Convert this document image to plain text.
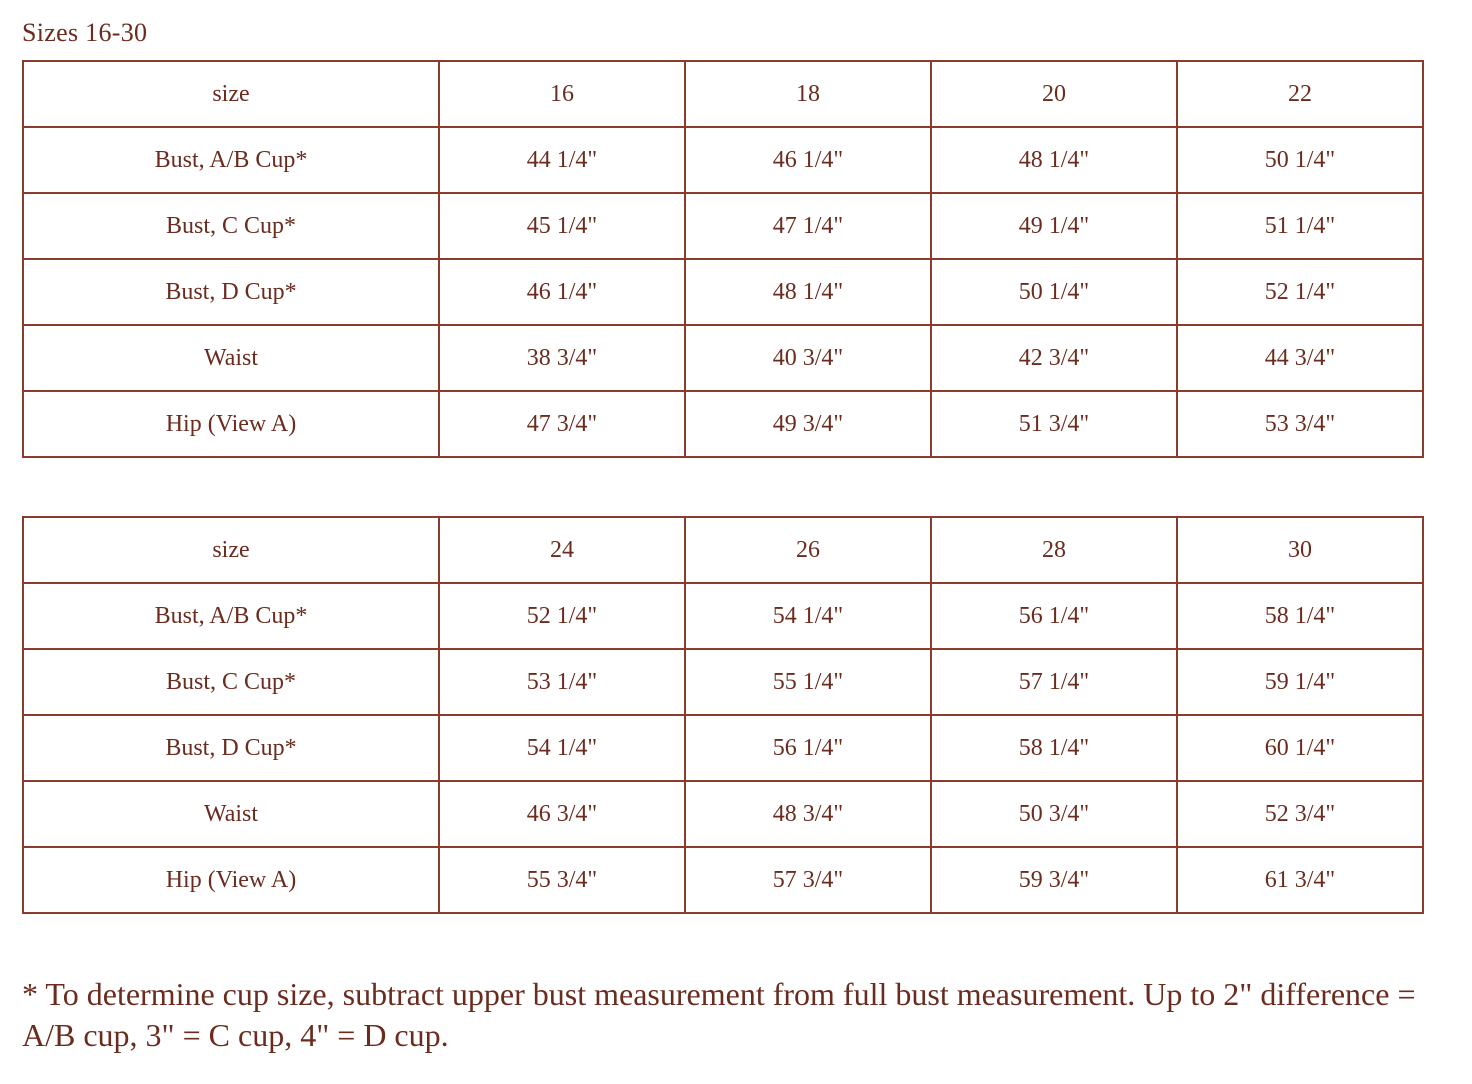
Sizes 16-30
size	16	18	20	22
Bust, A/B Cup*	44 1/4"	46 1/4"	48 1/4"	50 1/4"
Bust, C Cup*	45 1/4"	47 1/4"	49 1/4"	51 1/4"
Bust, D Cup*	46 1/4"	48 1/4"	50 1/4"	52 1/4"
Waist	38 3/4"	40 3/4"	42 3/4"	44 3/4"
Hip (View A)	47 3/4"	49 3/4"	51 3/4"	53 3/4"
size	24	26	28	30
Bust, A/B Cup*	52 1/4"	54 1/4"	56 1/4"	58 1/4"
Bust, C Cup*	53 1/4"	55 1/4"	57 1/4"	59 1/4"
Bust, D Cup*	54 1/4"	56 1/4"	58 1/4"	60 1/4"
Waist	46 3/4"	48 3/4"	50 3/4"	52 3/4"
Hip (View A)	55 3/4"	57 3/4"	59 3/4"	61 3/4"
* To determine cup size, subtract upper bust measurement from full bust measurement. Up to 2" difference = A/B cup, 3" = C cup, 4" = D cup.
